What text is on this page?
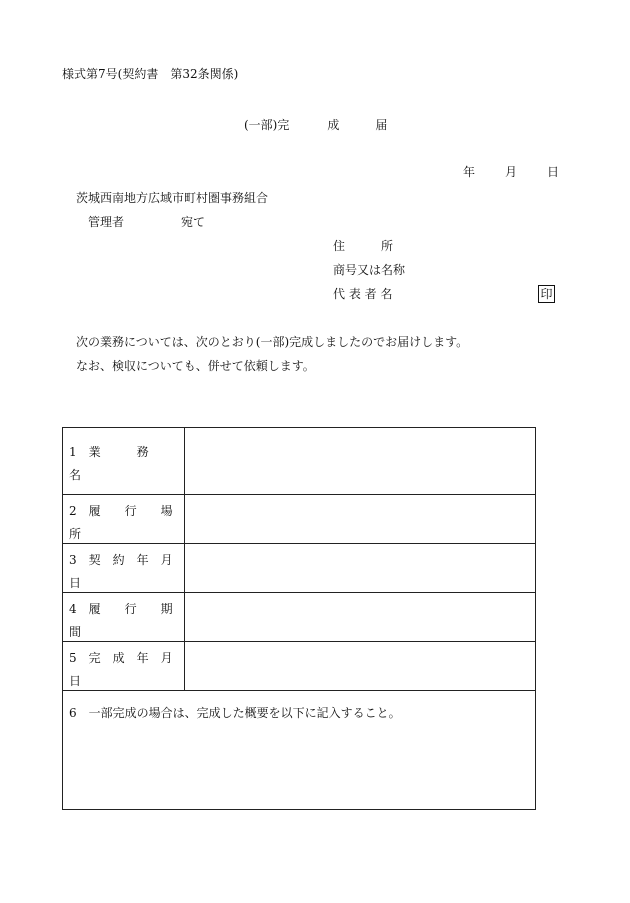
様式第7号(契約書　第32条関係)
(一部)完	成	届
年	月	日
茨城西南地方広域市町村圏事務組合
管理者	宛て
住　　　所
商号又は名称
代 表 者 名	印
次の業務については、次のとおり(一部)完成しましたのでお届けします。
なお、検収についても、併せて依頼します。
1　業　　　務
名	

2　履　　行　　場
所	

3　契　約　年　月
日	

4　履　　行　　期
間	

5　完　成　年　月
日	

6　一部完成の場合は、完成した概要を以下に記入すること。	
